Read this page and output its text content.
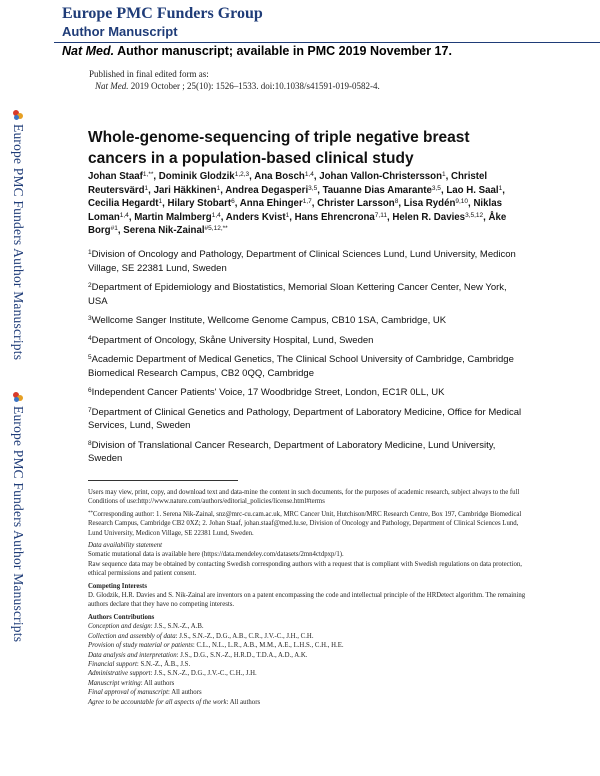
Europe PMC Funders Group
Author Manuscript
Nat Med. Author manuscript; available in PMC 2019 November 17.
Europe PMC Funders Author Manuscripts
Europe PMC Funders Author Manuscripts
Published in final edited form as:
Nat Med. 2019 October ; 25(10): 1526–1533. doi:10.1038/s41591-019-0582-4.
Whole-genome-sequencing of triple negative breast cancers in a population-based clinical study
Johan Staaf$^{1,**}$, Dominik Glodzik$^{1,2,3}$, Ana Bosch$^{1,4}$, Johan Vallon-Christersson$^1$, Christel Reutersvärd$^1$, Jari Häkkinen$^1$, Andrea Degasperi$^{3,5}$, Tauanne Dias Amarante$^{3,5}$, Lao H. Saal$^1$, Cecilia Hegardt$^1$, Hilary Stobart$^6$, Anna Ehinger$^{1,7}$, Christer Larsson$^8$, Lisa Rydén$^{9,10}$, Niklas Loman$^{1,4}$, Martin Malmberg$^{1,4}$, Anders Kvist$^1$, Hans Ehrencrona$^{7,11}$, Helen R. Davies$^{3,5,12}$, Åke Borg$^{\#1}$, Serena Nik-Zainal$^{\#5,12,**}$

$^1$Division of Oncology and Pathology, Department of Clinical Sciences Lund, Lund University, Medicon Village, SE 22381 Lund, Sweden

$^2$Department of Epidemiology and Biostatistics, Memorial Sloan Kettering Cancer Center, New York, USA

$^3$Wellcome Sanger Institute, Wellcome Genome Campus, CB10 1SA, Cambridge, UK

$^4$Department of Oncology, Skåne University Hospital, Lund, Sweden

$^5$Academic Department of Medical Genetics, The Clinical School University of Cambridge, Cambridge Biomedical Research Campus, CB2 0QQ, Cambridge

$^6$Independent Cancer Patients' Voice, 17 Woodbridge Street, London, EC1R 0LL, UK

$^7$Department of Clinical Genetics and Pathology, Department of Laboratory Medicine, Office for Medical Services, Lund, Sweden

$^8$Division of Translational Cancer Research, Department of Laboratory Medicine, Lund University, Sweden

Users may view, print, copy, and download text and data-mine the content in such documents, for the purposes of academic research, subject always to the full Conditions of use:http://www.nature.com/authors/editorial_policies/license.html#terms

**Corresponding author: 1. Serena Nik-Zainal, snz@mrc-cu.cam.ac.uk, MRC Cancer Unit, Hutchison/MRC Research Centre, Box 197, Cambridge Biomedical Research Campus, Cambridge CB2 0XZ; 2. Johan Staaf, johan.staaf@med.lu.se, Division of Oncology and Pathology, Department of Clinical Sciences Lund, Lund University, Medicon Village, SE 22381 Lund, Sweden.

Data availability statement

Somatic mutational data is available here (https://data.mendeley.com/datasets/2mn4ctdpxp/1).

Raw sequence data may be obtained by contacting Swedish corresponding authors with a request that is compliant with Swedish regulations on data protection, ethical permissions and patient consent.

Competing Interests

D. Glodzik, H.R. Davies and S. Nik-Zainal are inventors on a patent encompassing the code and intellectual principle of the HRDetect algorithm. The remaining authors declare that they have no competing interests.

Authors Contributions

Conception and design: J.S., S.N.-Z., A.B.

Collection and assembly of data: J.S., S.N.-Z., D.G., A.B., C.R., J.V.-C., J.H., C.H.

Provision of study material or patients: C.L., N.L., L.R., A.B., M.M., A.E., L.H.S., C.H., H.E.

Data analysis and interpretation: J.S., D.G., S.N.-Z., H.R.D., T.D.A., A.D., A.K.

Financial support: S.N.-Z., Å.B., J.S.

Administrative support: J.S., S.N.-Z., D.G., J.V.-C., C.H., J.H.

Manuscript writing: All authors

Final approval of manuscript: All authors

Agree to be accountable for all aspects of the work: All authors
